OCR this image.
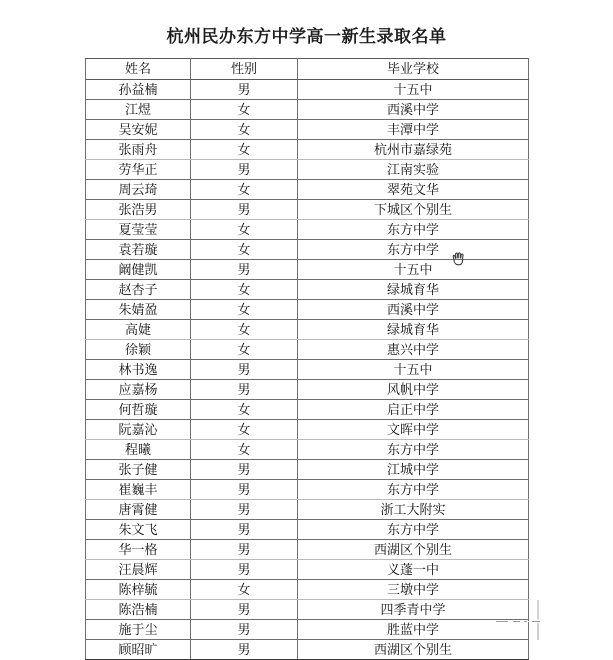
杭州民办东方中学高一新生录取名单
姓名	性别	毕业学校
孙益楠	男	十五中
江煜	女	西溪中学
吴安妮	女	丰潭中学
张雨舟	女	杭州市嘉绿苑
劳华正	男	江南实验
周云琦	女	翠苑文华
张浩男	男	下城区个别生
夏莹莹	女	东方中学
袁若璇	女	东方中学
阚健凯	男	十五中
赵杏子	女	绿城育华
朱婧盈	女	西溪中学
高婕	女	绿城育华
徐颖	女	惠兴中学
林书逸	男	十五中
应嘉杨	男	风帆中学
何哲璇	女	启正中学
阮嘉沁	女	文晖中学
程曦	女	东方中学
张子健	男	江城中学
崔巍丰	男	东方中学
唐霄健	男	浙工大附实
朱文飞	男	东方中学
华一格	男	西湖区个别生
汪晨辉	男	义蓬一中
陈梓毓	女	三墩中学
陈浩楠	男	四季青中学
施于尘	男	胜蓝中学
顾昭旷	男	西湖区个别生
